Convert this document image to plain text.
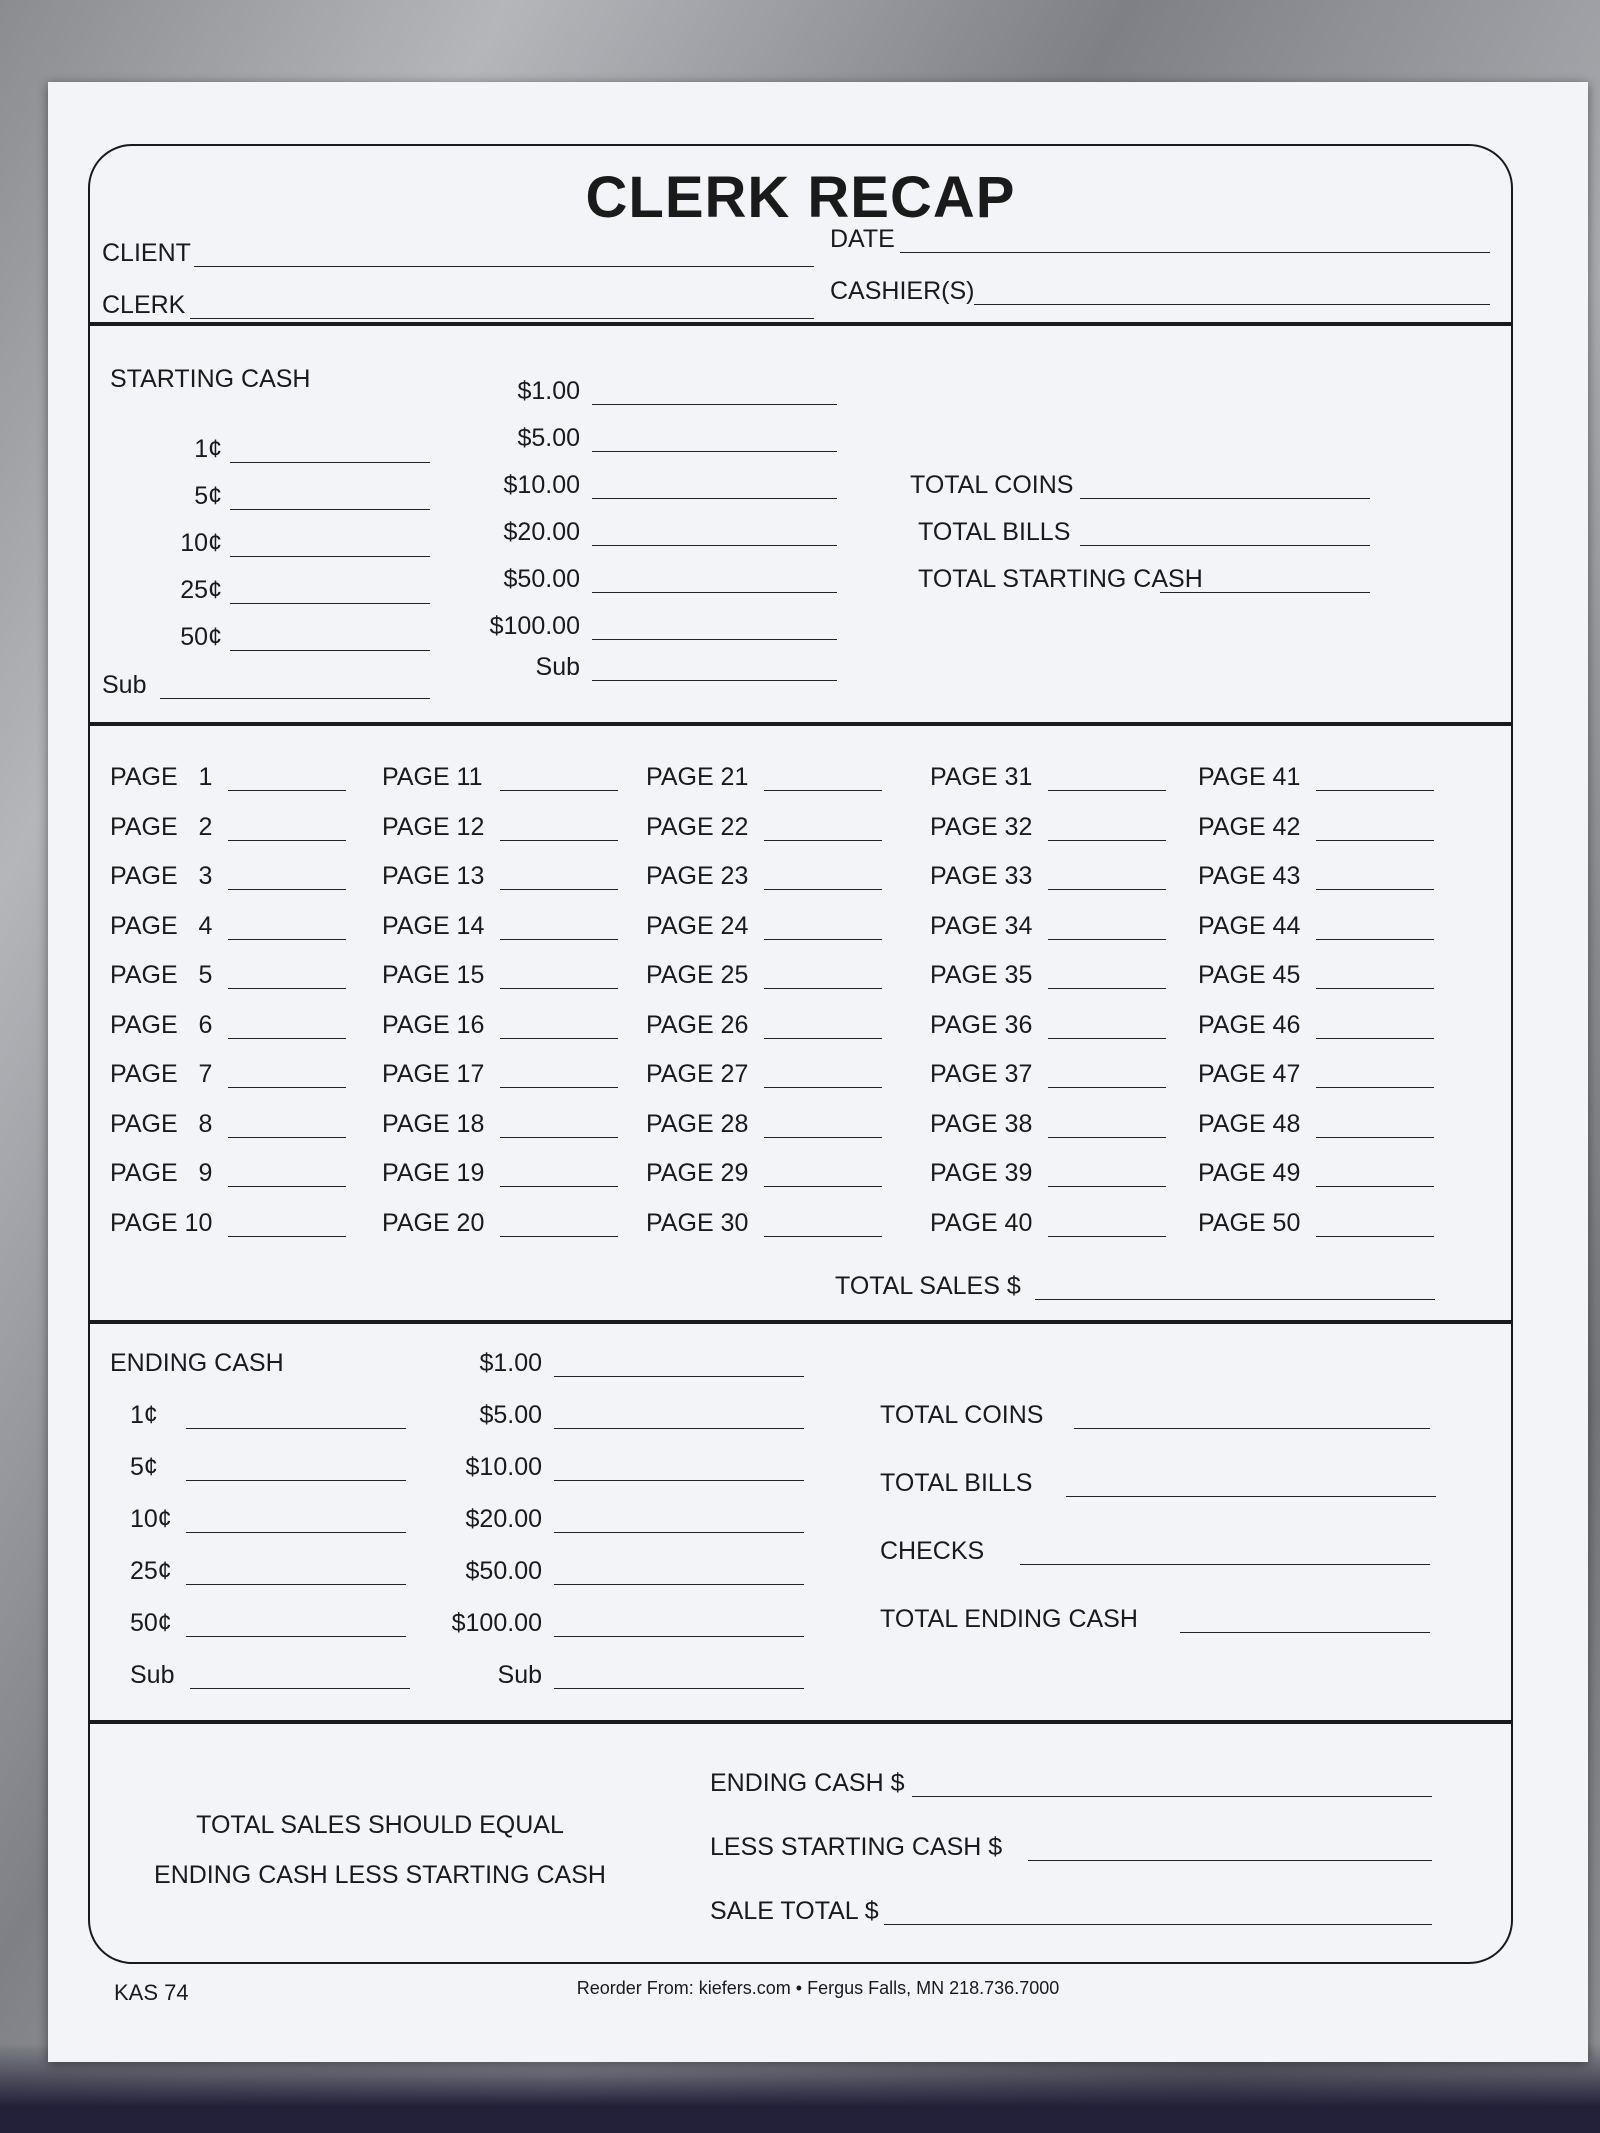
CLERK RECAP
CLIENT
CLERK
DATE
CASHIER(S)
STARTING CASH
1¢
5¢
10¢
25¢
50¢
Sub
$1.00
$5.00
$10.00
$20.00
$50.00
$100.00
Sub
TOTAL COINS
TOTAL BILLS
TOTAL STARTING CASH
PAGE  1
PAGE  2
PAGE  3
PAGE  4
PAGE  5
PAGE  6
PAGE  7
PAGE  8
PAGE  9
PAGE 10
PAGE 11
PAGE 12
PAGE 13
PAGE 14
PAGE 15
PAGE 16
PAGE 17
PAGE 18
PAGE 19
PAGE 20
PAGE 21
PAGE 22
PAGE 23
PAGE 24
PAGE 25
PAGE 26
PAGE 27
PAGE 28
PAGE 29
PAGE 30
PAGE 31
PAGE 32
PAGE 33
PAGE 34
PAGE 35
PAGE 36
PAGE 37
PAGE 38
PAGE 39
PAGE 40
PAGE 41
PAGE 42
PAGE 43
PAGE 44
PAGE 45
PAGE 46
PAGE 47
PAGE 48
PAGE 49
PAGE 50
TOTAL SALES $
ENDING CASH
1¢
5¢
10¢
25¢
50¢
Sub
$1.00
$5.00
$10.00
$20.00
$50.00
$100.00
Sub
TOTAL COINS
TOTAL BILLS
CHECKS
TOTAL ENDING CASH
TOTAL SALES SHOULD EQUAL
ENDING CASH LESS STARTING CASH
ENDING CASH $
LESS STARTING CASH $
SALE TOTAL $
KAS 74	Reorder From: kiefers.com • Fergus Falls, MN 218.736.7000
